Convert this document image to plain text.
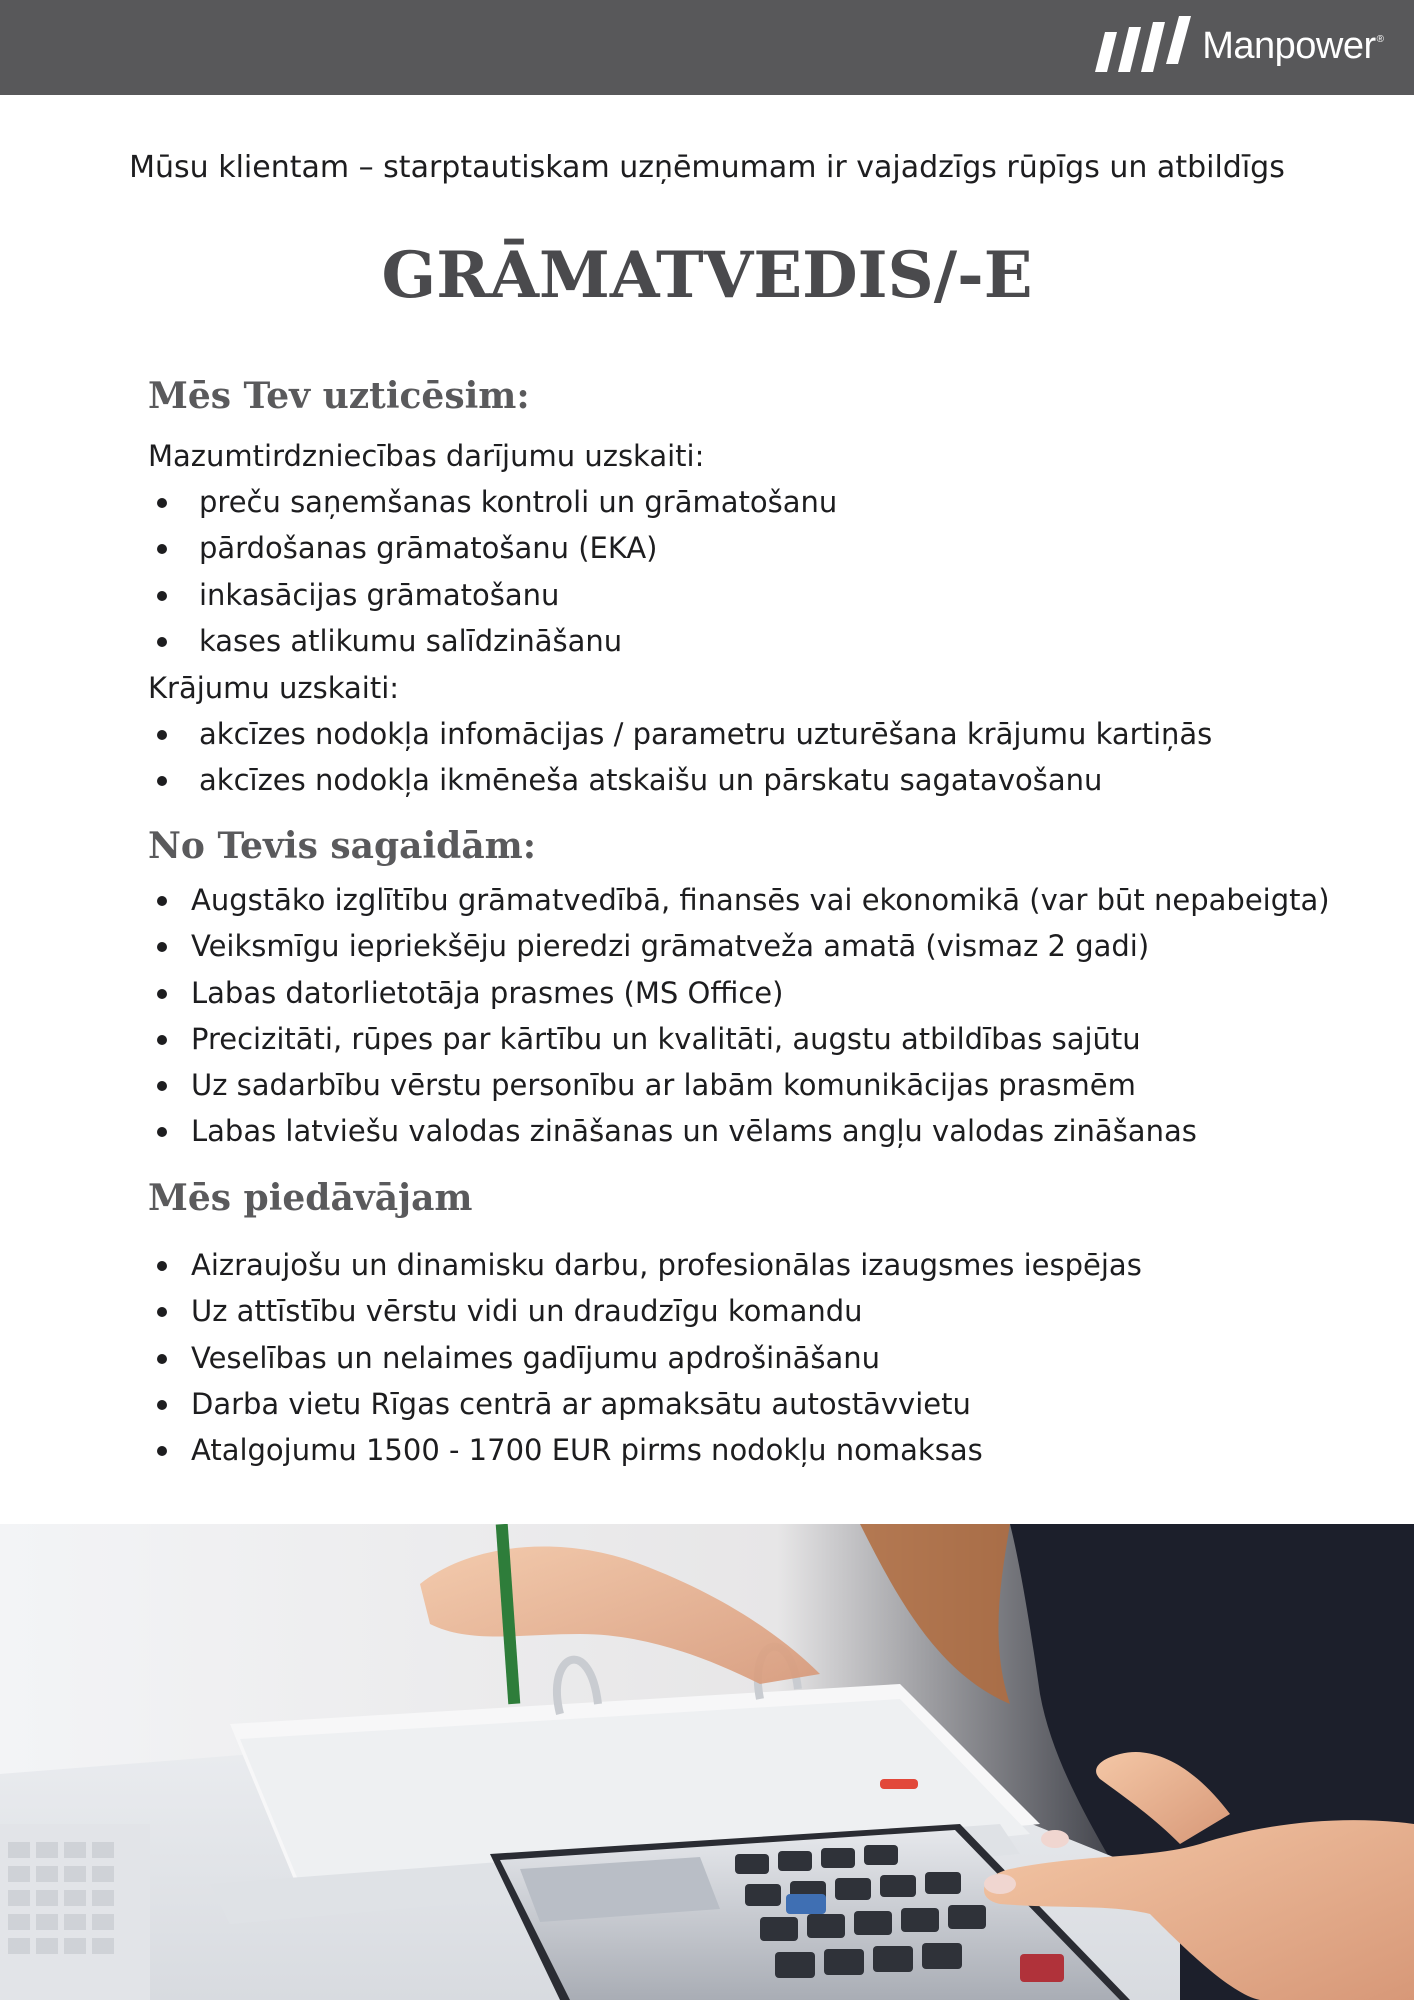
Manpower ®

Mūsu klientam – starptautiskam uzņēmumam ir vajadzīgs rūpīgs un atbildīgs

GRĀMATVEDIS/-E
Mēs Tev uzticēsim:

Mazumtirdzniecības darījumu uzskaiti:

preču saņemšanas kontroli un grāmatošanu
pārdošanas grāmatošanu (EKA)
inkasācijas grāmatošanu
kases atlikumu salīdzināšanu

Krājumu uzskaiti:

akcīzes nodokļa infomācijas / parametru uzturēšana krājumu kartiņās
akcīzes nodokļa ikmēneša atskaišu un pārskatu sagatavošanu
No Tevis sagaidām:
Augstāko izglītību grāmatvedībā, finansēs vai ekonomikā (var būt nepabeigta)
Veiksmīgu iepriekšēju pieredzi grāmatveža amatā (vismaz 2 gadi)
Labas datorlietotāja prasmes (MS Office)
Precizitāti, rūpes par kārtību un kvalitāti, augstu atbildības sajūtu
Uz sadarbību vērstu personību ar labām komunikācijas prasmēm
Labas latviešu valodas zināšanas un vēlams angļu valodas zināšanas
Mēs piedāvājam
Aizraujošu un dinamisku darbu, profesionālas izaugsmes iespējas
Uz attīstību vērstu vidi un draudzīgu komandu
Veselības un nelaimes gadījumu apdrošināšanu
Darba vietu Rīgas centrā ar apmaksātu autostāvvietu
Atalgojumu 1500 - 1700 EUR pirms nodokļu nomaksas
